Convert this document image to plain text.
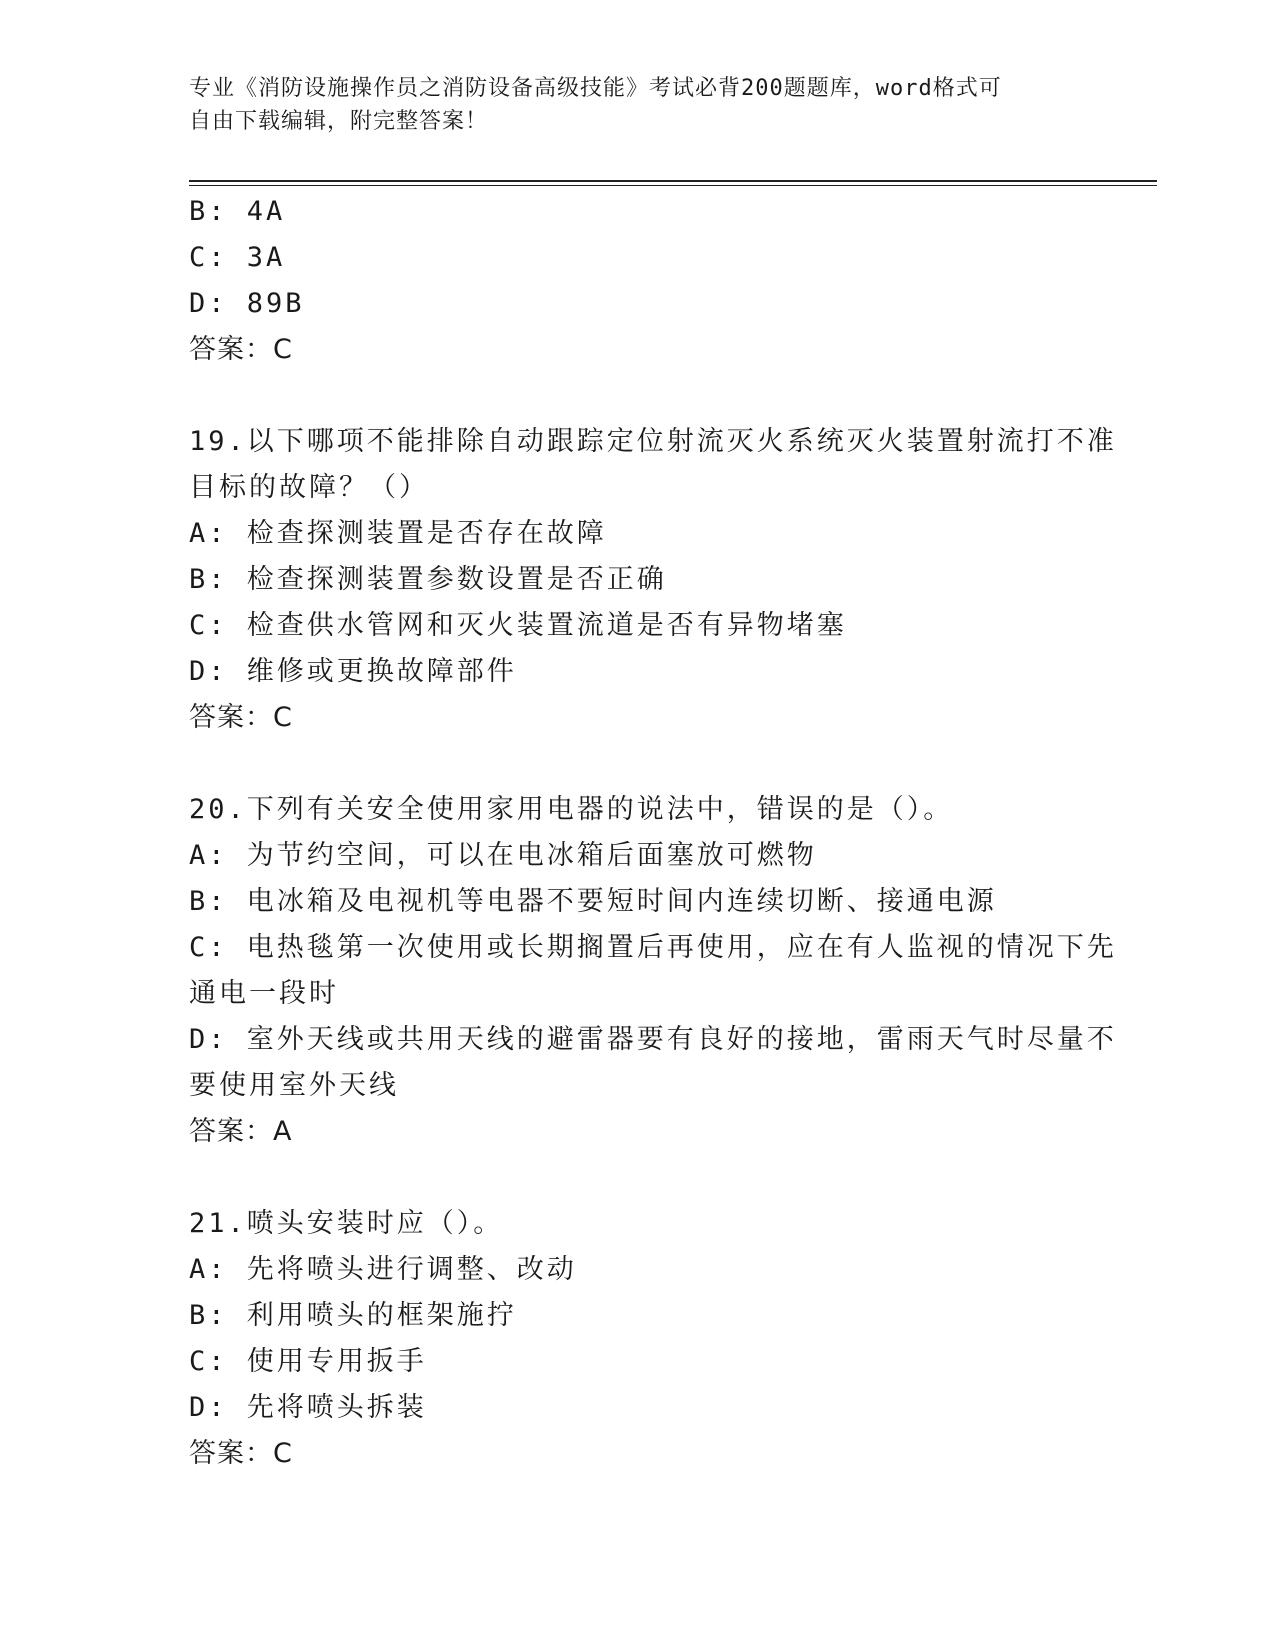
专业《消防设施操作员之消防设备高级技能》考试必背200题题库，word格式可
自由下载编辑，附完整答案！
B: 4A
C: 3A
D: 89B
答案：C
19.以下哪项不能排除自动跟踪定位射流灭火系统灭火装置射流打不准
目标的故障？（）
A: 检查探测装置是否存在故障
B: 检查探测装置参数设置是否正确
C: 检查供水管网和灭火装置流道是否有异物堵塞
D: 维修或更换故障部件
答案：C
20.下列有关安全使用家用电器的说法中，错误的是（）。
A: 为节约空间，可以在电冰箱后面塞放可燃物
B: 电冰箱及电视机等电器不要短时间内连续切断、接通电源
C: 电热毯第一次使用或长期搁置后再使用，应在有人监视的情况下先
通电一段时
D: 室外天线或共用天线的避雷器要有良好的接地，雷雨天气时尽量不
要使用室外天线
答案：A
21.喷头安装时应（）。
A: 先将喷头进行调整、改动
B: 利用喷头的框架施拧
C: 使用专用扳手
D: 先将喷头拆装
答案：C
